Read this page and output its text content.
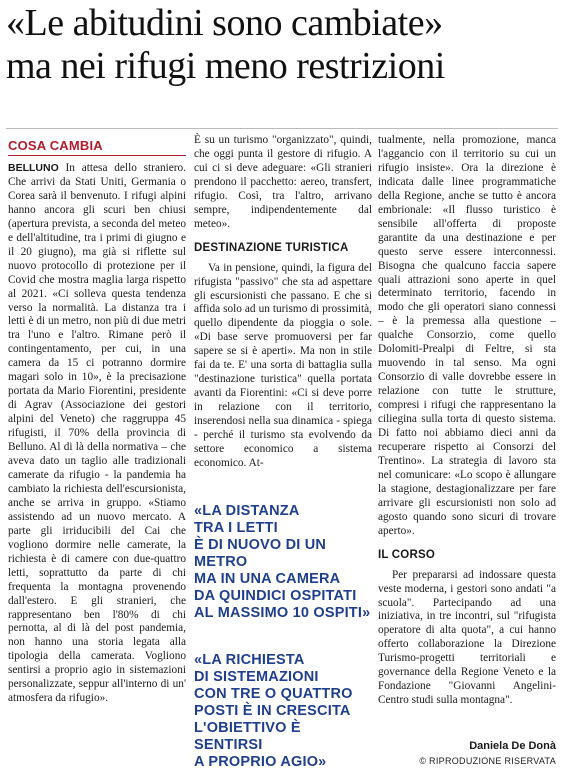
«Le abitudini sono cambiate»
ma nei rifugi meno restrizioni
COSA CAMBIA

BELLUNO In attesa dello straniero. Che arrivi da Stati Uniti, Germania o Corea sarà il benvenuto. I rifugi alpini hanno ancora gli scuri ben chiusi (apertura prevista, a seconda del meteo e dell'altitudine, tra i primi di giugno e il 20 giugno), ma già si riflette sul nuovo protocollo di protezione per il Covid che mostra maglia larga rispetto al 2021. «Ci solleva questa tendenza verso la normalità. La distanza tra i letti è di un metro, non più di due metri tra l'uno e l'altro. Rimane però il contingentamento, per cui, in una camera da 15 ci potranno dormire magari solo in 10», è la precisazione portata da Mario Fiorentini, presidente di Agrav (Associazione dei gestori alpini del Veneto) che raggruppa 45 rifugisti, il 70% della provincia di Belluno. Al di là della normativa – che aveva dato un taglio alle tradizionali camerate da rifugio - la pandemia ha cambiato la richiesta dell'escursionista, anche se arriva in gruppo. «Stiamo assistendo ad un nuovo mercato. A parte gli irriducibili del Cai che vogliono dormire nelle camerate, la richiesta è di camere con due-quattro letti, soprattutto da parte di chi frequenta la montagna provenendo dall'estero. E gli stranieri, che rappresentano ben l'80% di chi pernotta, al di là del post pandemia, non hanno una storia legata alla tipologia della camerata. Vogliono sentirsi a proprio agio in sistemazioni personalizzate, seppur all'interno di un' atmosfera da rifugio».

È su un turismo "organizzato", quindi, che oggi punta il gestore di rifugio. A cui ci si deve adeguare: «Gli stranieri prendono il pacchetto: aereo, transfert, rifugio. Così, tra l'altro, arrivano sempre, indipendentemente dal meteo».

DESTINAZIONE TURISTICA

Va in pensione, quindi, la figura del rifugista "passivo" che sta ad aspettare gli escursionisti che passano. E che si affida solo ad un turismo di prossimità, quello dipendente da pioggia o sole. «Di base serve promuoversi per far sapere se si è aperti». Ma non in stile fai da te. E' una sorta di battaglia sulla "destinazione turistica" quella portata avanti da Fiorentini: «Ci si deve porre in relazione con il territorio, inserendosi nella sua dinamica - spiega - perché il turismo sta evolvendo da settore economico a sistema economico. At-

«LA DISTANZA
TRA I LETTI
È DI NUOVO DI UN METRO
MA IN UNA CAMERA
DA QUINDICI OSPITATI
AL MASSIMO 10 OSPITI»
«LA RICHIESTA
DI SISTEMAZIONI
CON TRE O QUATTRO
POSTI È IN CRESCITA
L'OBIETTIVO È SENTIRSI
A PROPRIO AGIO»

tualmente, nella promozione, manca l'aggancio con il territorio su cui un rifugio insiste». Ora la direzione è indicata dalle linee programmatiche della Regione, anche se tutto è ancora embrionale: «Il flusso turistico è sensibile all'offerta di proposte garantite da una destinazione e per questo serve essere interconnessi. Bisogna che qualcuno faccia sapere quali attrazioni sono aperte in quel determinato territorio, facendo in modo che gli operatori siano connessi – è la premessa alla questione – qualche Consorzio, come quello Dolomiti-Prealpi di Feltre, si sta muovendo in tal senso. Ma ogni Consorzio di valle dovrebbe essere in relazione con tutte le strutture, compresi i rifugi che rappresentano la ciliegina sulla torta di questo sistema. Di fatto noi abbiamo dieci anni da recuperare rispetto ai Consorzi del Trentino». La strategia di lavoro sta nel comunicare: «Lo scopo è allungare la stagione, destagionalizzare per fare arrivare gli escursionisti non solo ad agosto quando sono sicuri di trovare aperto».

IL CORSO

Per prepararsi ad indossare questa veste moderna, i gestori sono andati "a scuola". Partecipando ad una iniziativa, in tre incontri, sul "rifugista operatore di alta quota", a cui hanno offerto collaborazione la Direzione Turismo-progetti territoriali e governance della Regione Veneto e la Fondazione "Giovanni Angelini-Centro studi sulla montagna".

Daniela De Donà
© RIPRODUZIONE RISERVATA
